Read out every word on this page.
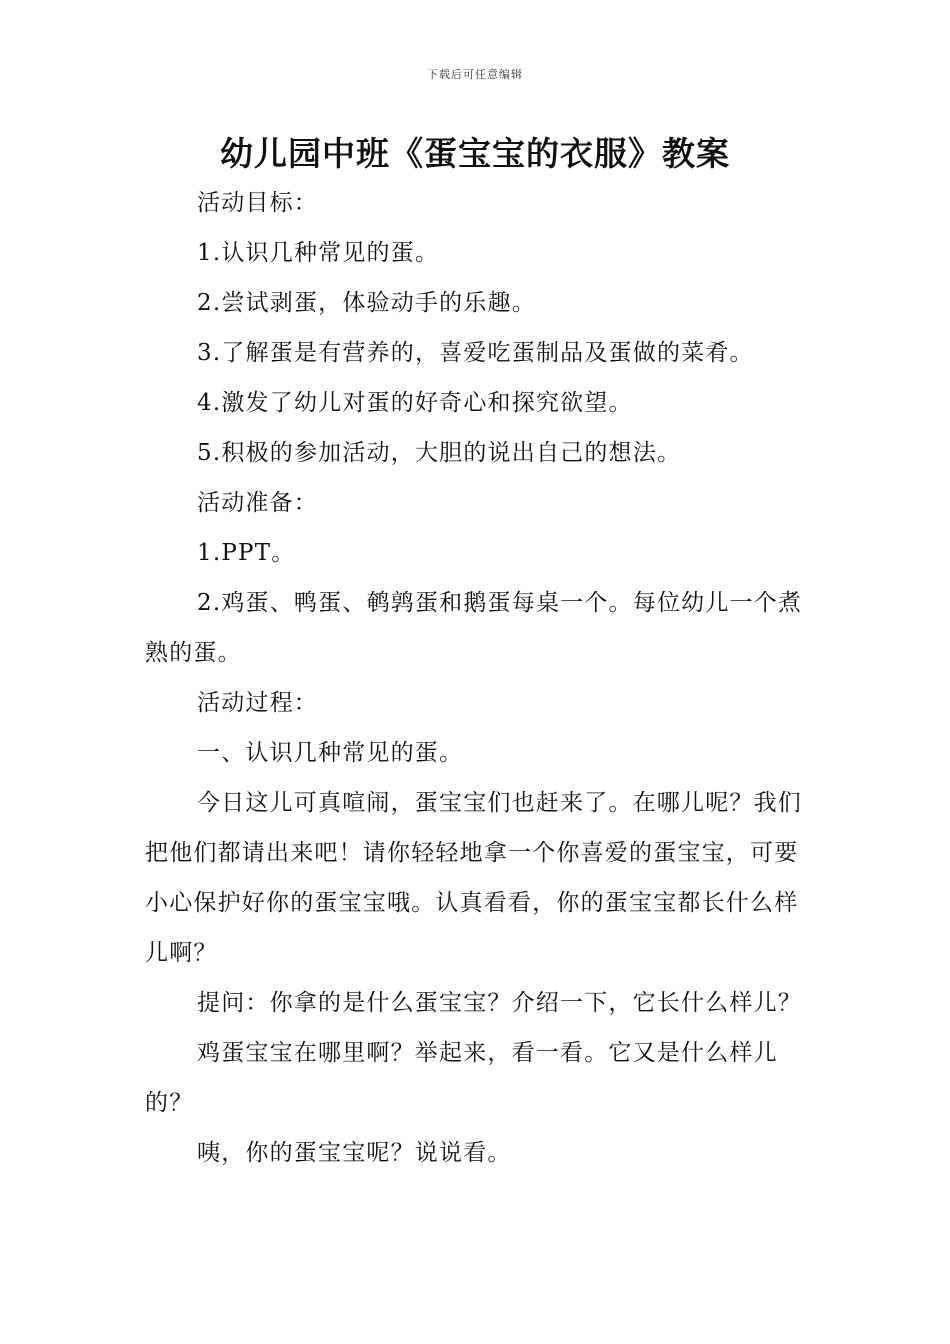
下载后可任意编辑
幼儿园中班《蛋宝宝的衣服》教案

活动目标：

1.认识几种常见的蛋。

2.尝试剥蛋，体验动手的乐趣。

3.了解蛋是有营养的，喜爱吃蛋制品及蛋做的菜肴。

4.激发了幼儿对蛋的好奇心和探究欲望。

5.积极的参加活动，大胆的说出自己的想法。

活动准备：

1.PPT。

2.鸡蛋、鸭蛋、鹌鹑蛋和鹅蛋每桌一个。每位幼儿一个煮熟的蛋。

活动过程：

一、认识几种常见的蛋。

今日这儿可真喧闹，蛋宝宝们也赶来了。在哪儿呢？我们把他们都请出来吧！请你轻轻地拿一个你喜爱的蛋宝宝，可要小心保护好你的蛋宝宝哦。认真看看，你的蛋宝宝都长什么样儿啊？

提问：你拿的是什么蛋宝宝？介绍一下，它长什么样儿？

鸡蛋宝宝在哪里啊？举起来，看一看。它又是什么样儿的？

咦，你的蛋宝宝呢？说说看。
